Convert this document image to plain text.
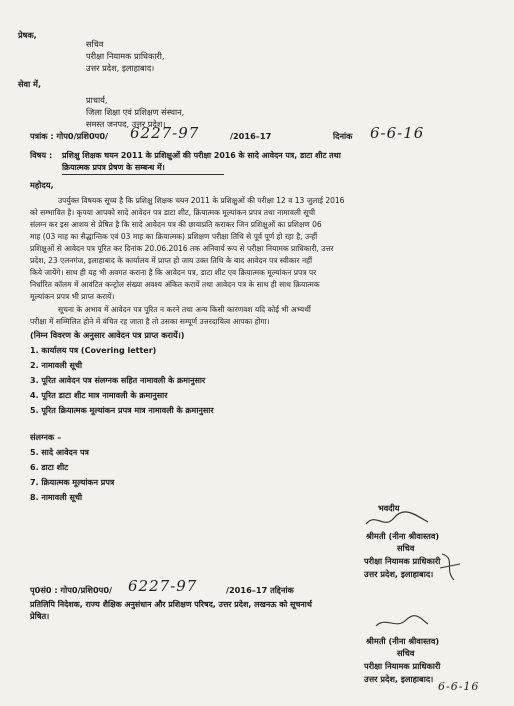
प्रेषक,
सचिव
परीक्षा नियामक प्राधिकारी,
उत्तर प्रदेश, इलाहाबाद।
सेवा में,
प्राचार्य,
जिला शिक्षा एवं प्रशिक्षण संस्थान,
समस्त जनपद, उत्तर प्रदेश।
पत्रांक : गोप0/प्रशि0प0/ 6227-97	/2016–17	दिनांक 6-6-16
विषय : प्रशिक्षु शिक्षक चयन 2011 के प्रशिक्षुओं की परीक्षा 2016 के सादे आवेदन पत्र, डाटा शीट तथा
क्रियात्मक प्रपत्र प्रेषण के सम्बन्ध में।
महोदय,
उपर्युक्त विषयक सूच्य है कि प्रशिक्षु शिक्षक चयन 2011 के प्रशिक्षुओं की परीक्षा 12 व 13 जुलाई 2016
को सम्भावित है। कृपया आपको सादे आवेदन पत्र डाटा शीट, क्रियात्मक मूल्यांकन प्रपत्र तथा नामावली सूची
संलग्न कर इस आशय से प्रेषित है कि सादे आवेदन पत्र की छायाप्रति कराकर जिन प्रशिक्षुओं का प्रशिक्षण 06
माह (03 माह का सैद्धान्तिक एवं 03 माह का क्रियात्मक) प्रशिक्षण परीक्षा तिथि से पूर्व पूर्ण हो रहा है, उन्हीं
प्रशिक्षुओं से आवेदन पत्र पूरित कर दिनांक 20.06.2016 तक अनिवार्य रूप से परीक्षा नियामक प्राधिकारी, उत्तर
प्रदेश, 23 एलनगंज, इलाहाबाद के कार्यालय में प्राप्त हो जाय उक्त तिथि के बाद आवेदन पत्र स्वीकार नहीं
किये जायेंगे। साथ ही यह भी अवगत कराना है कि आवेदन पत्र, डाटा शीट एव क्रियात्मक मूल्यांकन प्रपत्र पर
निर्धारित कॉलम में आवंटित कन्ट्रोल संख्या अवश्य अंकित करायें तथा आवेदन पत्र के साथ ही साथ क्रियात्मक
मूल्यांकन प्रपत्र भी प्राप्त करायें।
सूचना के अभाव में आवेदन पत्र पूरित न करने तथा अन्य किसी कारणवश यदि कोई भी अभ्यर्थी
परीक्षा में सम्मिलित होने में वंचित रह जाता है तो उसका सम्पूर्ण उत्तरदायित्व आपका होगा।
(निम्न विवरण के अनुसार आवेदन पत्र प्राप्त करायें।)
1. कार्यालय पत्र (Covering letter)
2. नामावली सूची
3. पूरित आवेदन पत्र संलग्नक सहित नामावली के क्रमानुसार
4. पूरित डाटा शीट मात्र नामावली के क्रमानुसार
5. पूरित क्रियात्मक मूल्यांकन प्रपत्र मात्र नामावली के क्रमानुसार
संलग्नक –
5. सादे आवेदन पत्र
6. डाटा शीट
7. क्रियात्मक मूल्यांकन प्रपत्र
8. नामावली सूची
भवदीय
श्रीमती (नीना श्रीवास्तव)
सचिव
परीक्षा नियामक प्राधिकारी
उत्तर प्रदेश, इलाहाबाद।
पृ0सं0 : गोप0/प्रशि0प0/ 6227-97	/2016–17 तद्दिनांक
प्रतिलिपि निदेशक, राज्य शैक्षिक अनुसंधान और प्रशिक्षण परिषद, उत्तर प्रदेश, लखनऊ को सूचनार्थ
प्रेषित।
श्रीमती (नीना श्रीवास्तव)
सचिव
परीक्षा नियामक प्राधिकारी
उत्तर प्रदेश, इलाहाबाद।
6-6-16
